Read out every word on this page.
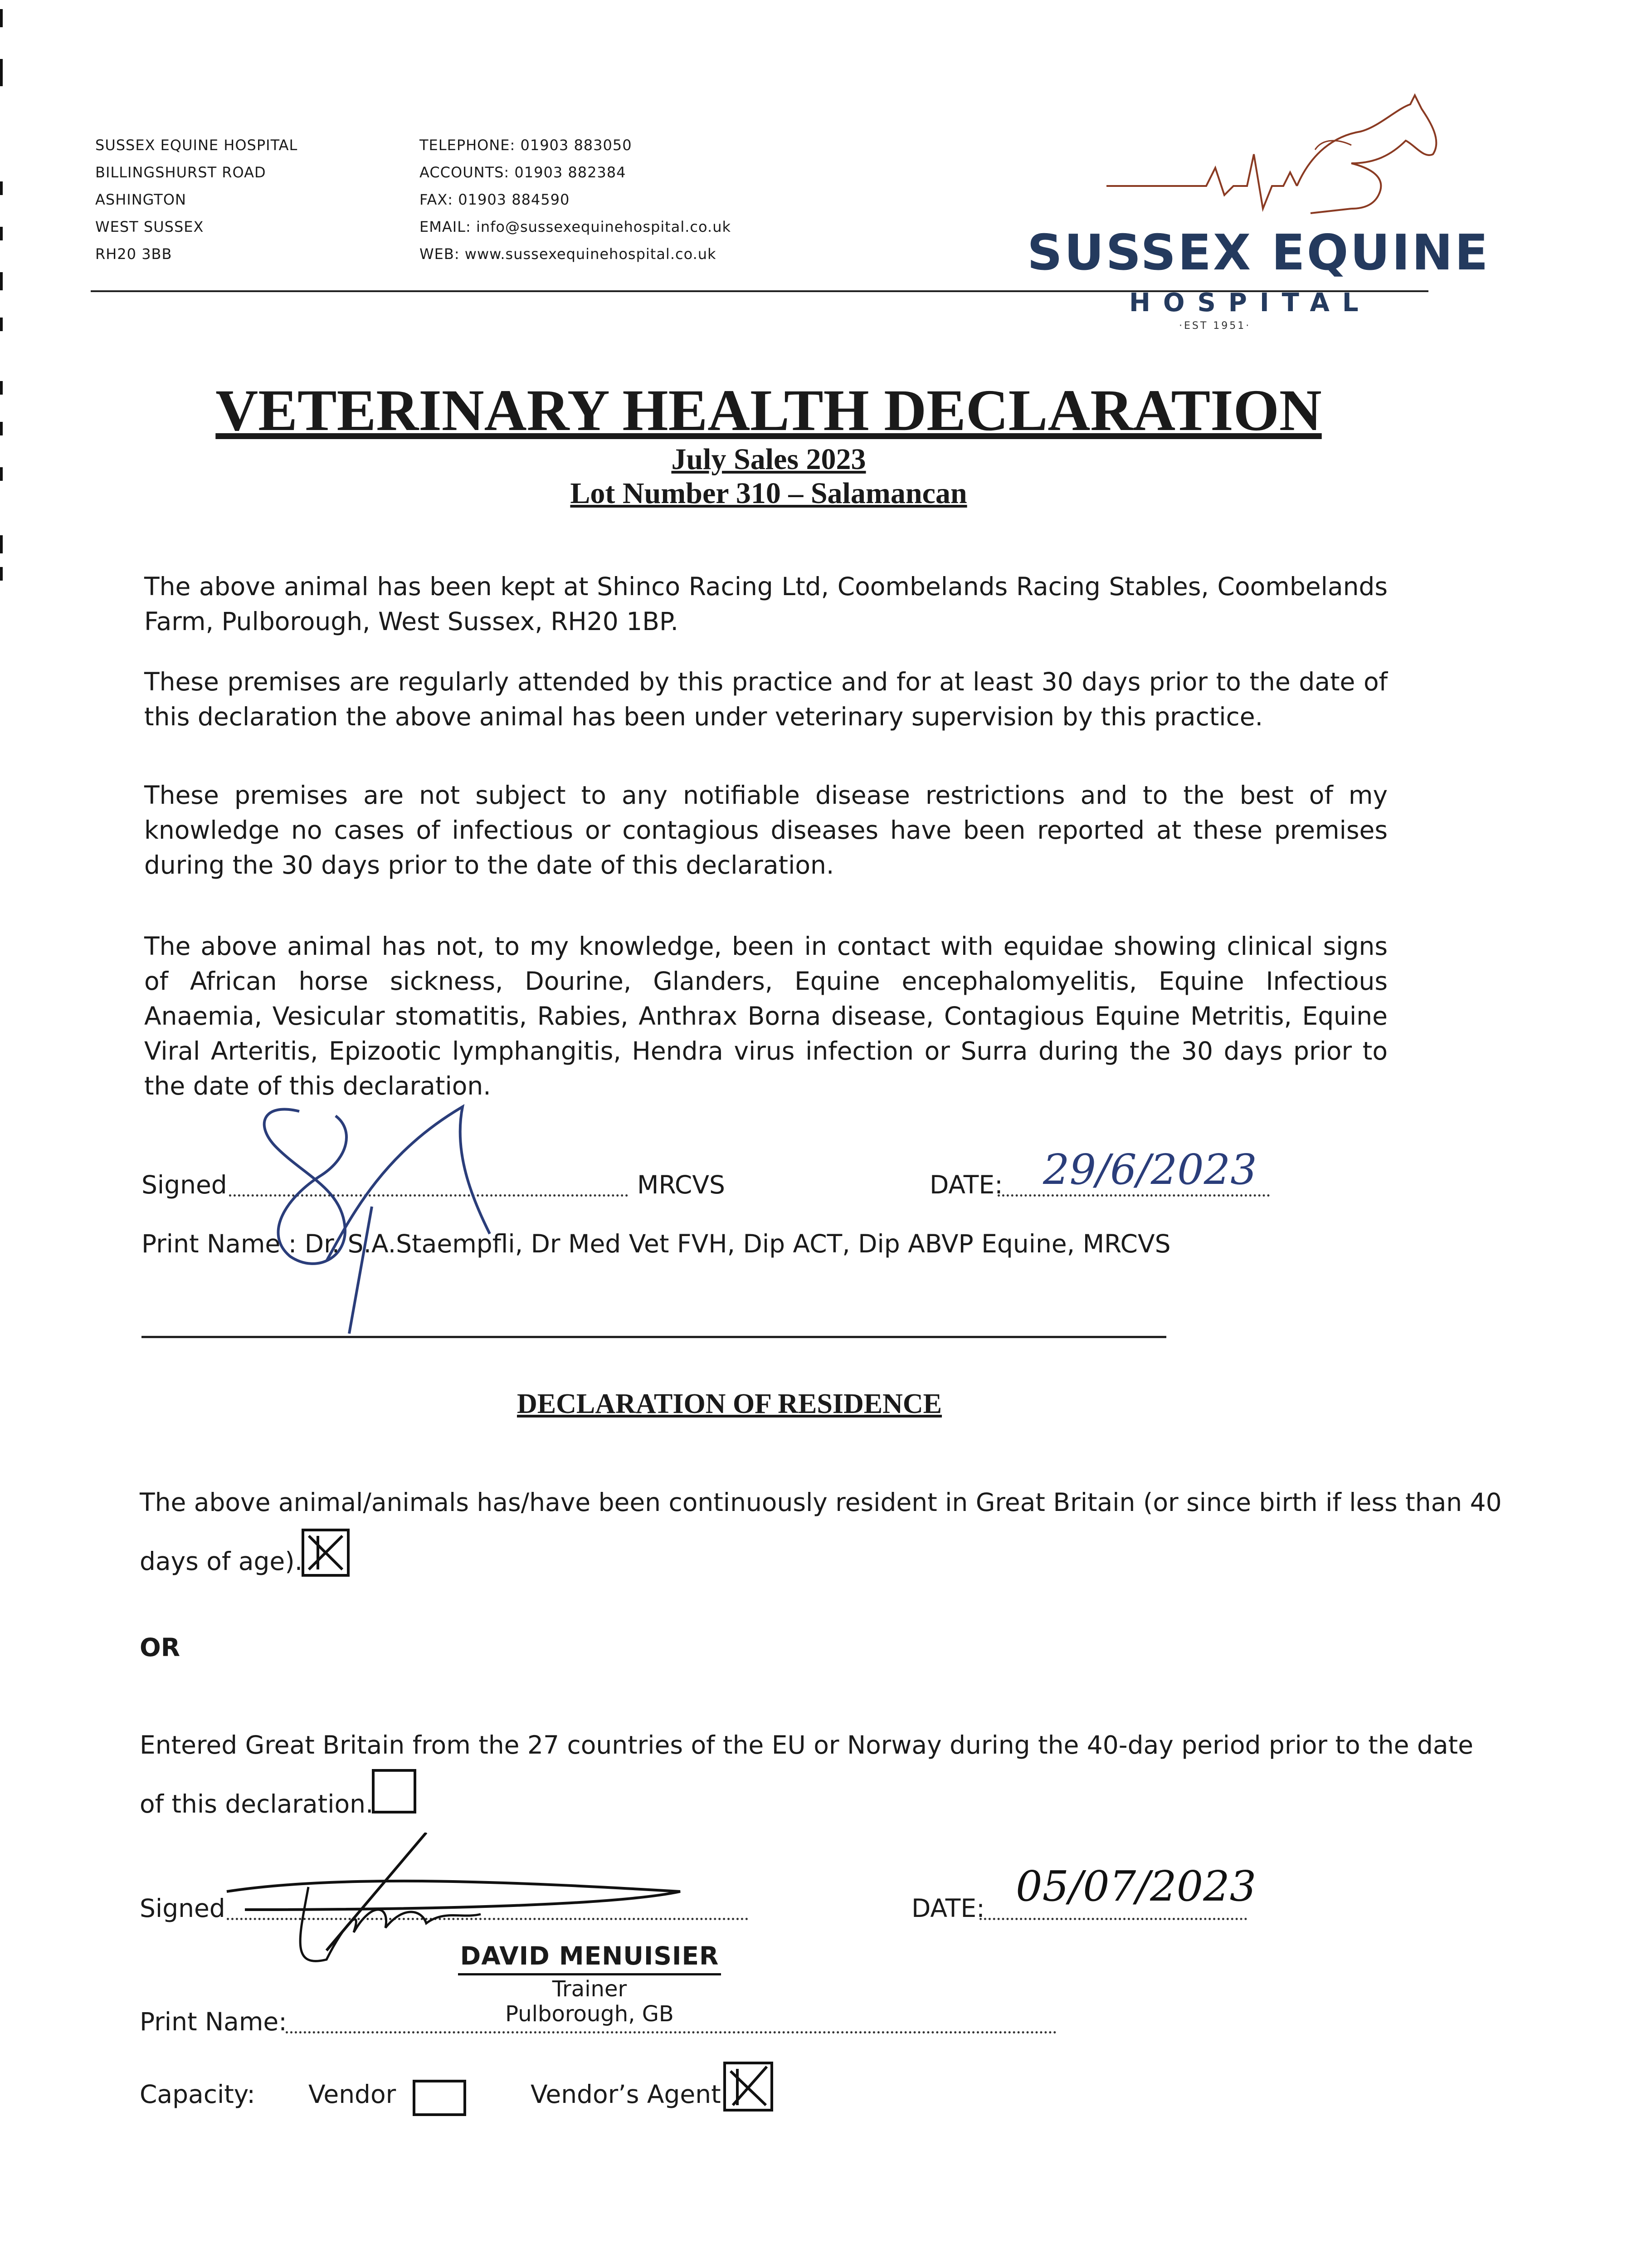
SUSSEX EQUINE HOSPITAL
BILLINGSHURST ROAD
ASHINGTON
WEST SUSSEX
RH20 3BB
TELEPHONE: 01903 883050
ACCOUNTS: 01903 882384
FAX: 01903 884590
EMAIL: info@sussexequinehospital.co.uk
WEB: www.sussexequinehospital.co.uk	SUSSEX EQUINE
HOSPITAL
·EST 1951·
VETERINARY HEALTH DECLARATION
July Sales 2023
Lot Number 310 – Salamancan
The above animal has been kept at Shinco Racing Ltd, Coombelands Racing Stables, Coombelands Farm, Pulborough, West Sussex, RH20 1BP.
These premises are regularly attended by this practice and for at least 30 days prior to the date of this declaration the above animal has been under veterinary supervision by this practice.
These premises are not subject to any notifiable disease restrictions and to the best of my knowledge no cases of infectious or contagious diseases have been reported at these premises during the 30 days prior to the date of this declaration.
The above animal has not, to my knowledge, been in contact with equidae showing clinical signs of African horse sickness, Dourine, Glanders, Equine encephalomyelitis, Equine Infectious Anaemia, Vesicular stomatitis, Rabies, Anthrax Borna disease, Contagious Equine Metritis, Equine Viral Arteritis, Epizootic lymphangitis, Hendra virus infection or Surra during the 30 days prior to the date of this declaration.
Signed	MRCVS	DATE: 29/6/2023
Print Name : Dr. S.A.Staempfli, Dr Med Vet FVH, Dip ACT, Dip ABVP Equine, MRCVS
DECLARATION OF RESIDENCE
The above animal/animals has/have been continuously resident in Great Britain (or since birth if less than 40
days of age).
OR
Entered Great Britain from the 27 countries of the EU or Norway during the 40-day period prior to the date
of this declaration.
Signed	DATE: 05/07/2023
DAVID MENUISIER
Trainer
Pulborough, GB
Print Name:
Capacity: Vendor	Vendor’s Agent
